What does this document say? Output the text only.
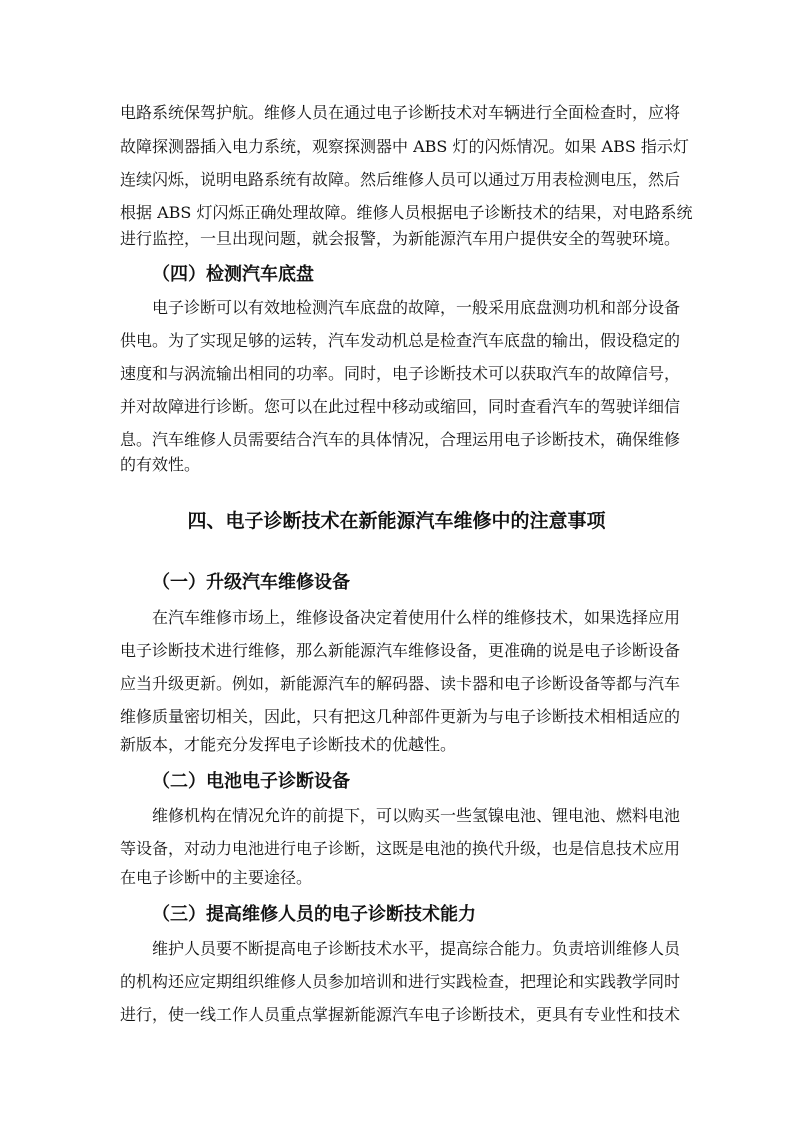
电路系统保驾护航。维修人员在通过电子诊断技术对车辆进行全面检查时，应将
故障探测器插入电力系统，观察探测器中 ABS 灯的闪烁情况。如果 ABS 指示灯
连续闪烁，说明电路系统有故障。然后维修人员可以通过万用表检测电压，然后
根据 ABS 灯闪烁正确处理故障。维修人员根据电子诊断技术的结果，对电路系统
进行监控，一旦出现问题，就会报警，为新能源汽车用户提供安全的驾驶环境。
（四）检测汽车底盘
电子诊断可以有效地检测汽车底盘的故障，一般采用底盘测功机和部分设备
供电。为了实现足够的运转，汽车发动机总是检查汽车底盘的输出，假设稳定的
速度和与涡流输出相同的功率。同时，电子诊断技术可以获取汽车的故障信号，
并对故障进行诊断。您可以在此过程中移动或缩回，同时查看汽车的驾驶详细信
息。汽车维修人员需要结合汽车的具体情况，合理运用电子诊断技术，确保维修
的有效性。
四、电子诊断技术在新能源汽车维修中的注意事项
（一）升级汽车维修设备
在汽车维修市场上，维修设备决定着使用什么样的维修技术，如果选择应用
电子诊断技术进行维修，那么新能源汽车维修设备，更准确的说是电子诊断设备
应当升级更新。例如，新能源汽车的解码器、读卡器和电子诊断设备等都与汽车
维修质量密切相关，因此，只有把这几种部件更新为与电子诊断技术相相适应的
新版本，才能充分发挥电子诊断技术的优越性。
（二）电池电子诊断设备
维修机构在情况允许的前提下，可以购买一些氢镍电池、锂电池、燃料电池
等设备，对动力电池进行电子诊断，这既是电池的换代升级，也是信息技术应用
在电子诊断中的主要途径。
（三）提高维修人员的电子诊断技术能力
维护人员要不断提高电子诊断技术水平，提高综合能力。负责培训维修人员
的机构还应定期组织维修人员参加培训和进行实践检查，把理论和实践教学同时
进行，使一线工作人员重点掌握新能源汽车电子诊断技术，更具有专业性和技术
